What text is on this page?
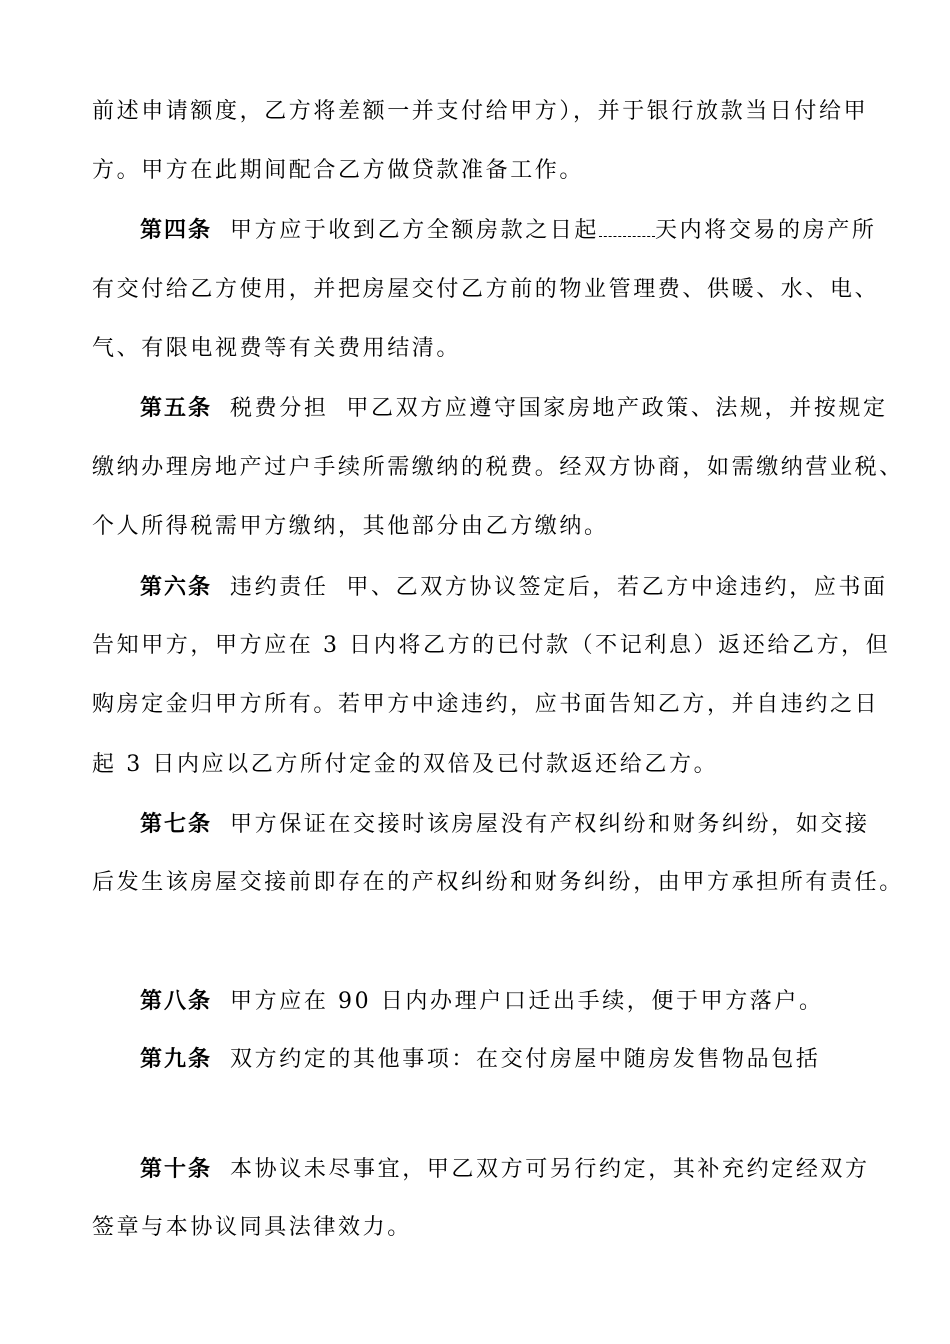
前述申请额度，乙方将差额一并支付给甲方），并于银行放款当日付给甲
方。甲方在此期间配合乙方做贷款准备工作。
第四条 甲方应于收到乙方全额房款之日起	天内将交易的房产所
有交付给乙方使用，并把房屋交付乙方前的物业管理费、供暖、水、电、
气、有限电视费等有关费用结清。
第五条 税费分担 甲乙双方应遵守国家房地产政策、法规，并按规定
缴纳办理房地产过户手续所需缴纳的税费。经双方协商，如需缴纳营业税、
个人所得税需甲方缴纳，其他部分由乙方缴纳。
第六条 违约责任 甲、乙双方协议签定后，若乙方中途违约，应书面
告知甲方，甲方应在 3 日内将乙方的已付款（不记利息）返还给乙方，但
购房定金归甲方所有。若甲方中途违约，应书面告知乙方，并自违约之日
起 3 日内应以乙方所付定金的双倍及已付款返还给乙方。
第七条 甲方保证在交接时该房屋没有产权纠纷和财务纠纷，如交接
后发生该房屋交接前即存在的产权纠纷和财务纠纷，由甲方承担所有责任。
第八条 甲方应在 90 日内办理户口迁出手续，便于甲方落户。
第九条 双方约定的其他事项：在交付房屋中随房发售物品包括
第十条 本协议未尽事宜，甲乙双方可另行约定，其补充约定经双方
签章与本协议同具法律效力。
